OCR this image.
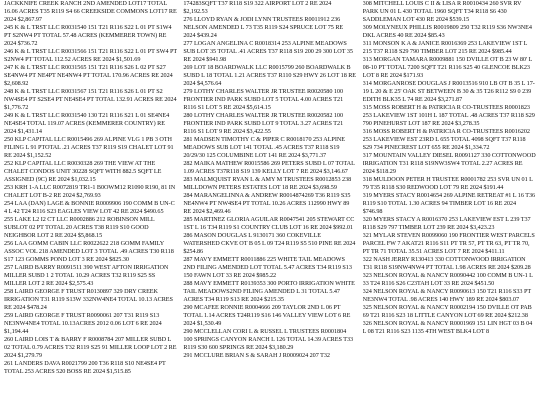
JACKKNIFE CREEK RANCH 2ND AMENDED LOT17 TOTAL 16.06 ACRES T35 R119 S4 66 CREEKSIDE COMMONS LOT17 RE 2024 $2,867.97

245 K & L TRST LLC R0031540 151 T21 R116 S22 L 01 PT S1W4 PT S2NW4 PT TOTAL 57.48 ACRES (KEMMERER TOWN) RE 2024 $736.72

246 K & L TRST LLC R0031566 151 T21 R116 S22 L 01 PT SW4 PT S2NW4 PT TOTAL 112.52 ACRES RE 2024 $1,501.69

247 K & L TRST LLC R0031565 151 T21 R116 S26 L 02 PT S27 SE4NW4 PT NE4PT NE4NW4 PT TOTAL 170.96 ACRES RE 2024 $2,608.92

248 K & L TRST LLC R0031567 151 T21 R116 S26 L 01 PT S2 NW4SE4 PT S2SE4 PT NE4SE4 PT TOTAL 132.91 ACRES RE 2024 $1,776.72

249 K & L TRST LLC R0031540 130 T21 R116 S21 L 01 SE4NE4 NE4SE4 TOTAL 119.07 ACRES (KEMMERER COUNTRY) RE 2024 $1,431.14

250 KLP CAPITAL LLC R0015496 269 ALPINE VLG 1 PB 3 OTH FILING L 91 PTOTAL .21 ACRES T37 R119 S19 CHALET LOT 91 RE 2024 $1,152.52

252 KLP CAPITAL LLC R0030328 269 THE VIEW AT THE CHALET CONDOS UNIT 30228 SQFT WITH 882.5 SQFT LE ASSIGNED (9C) RE 2024 $1,032.15

253 KRH 1-A LLC R0072819 TR1-1 B0OWM12 R1090 R190, 81 IN CHALET LOT B-2 RE 2024 $2,769.93

254 LAA (DAN) LAGE & BONNIE R0009906 190 COMM B UN-C 4 L 42 T24 R116 S23 EAGLES VIEW LOT 42 RE 2024 $490.65

255 LAKE L2 I2 CT LLC R0002886 212 ROBINSON MILL SUBLOT 02 PT TOTAL 20 ACRES T38 R119 S10 GOOD NEIGHBOR LOT 2 RE 2024 $5,868.15

256 LAA GOMM CABIN LLC R0022622 218 GOMM FAMILY ASSOC VOL 218 AMENDED LOT 3 TOTAL .49 ACRES T30 R118 S17 123 GOMMS POND LOT 3 RE 2024 $825.30

257 LAIRD BARRY R0091511 390 WEST AFTON IRRIGATION MILLER SUBD 1 2 TOTAL 10.29 ACRES T32 R119 S25 SS MILLER LOT 2 RE 2024 $2,575.43

258 LAIRD GEORGE F TRUST R0130897 329 DRY CREEK IRRIGATION T31 R119 S13W 332NW4NE4 TOTAL 10.13 ACRES RE 2024 $478.24

259 LAIRD GEORGE F TRUST R0090061 207 T31 R119 S13 NE3NW4NE4 TOTAL 10.13ACRES 2012 0.06 LOT 6 RE 2024 $1,194.44

260 LAIRD LOIS T & BARRY F R0008784 207 MILLER SUBD L 02 TOTAL 0.79 ACRES T32 R119 S25 91 MILLER LOOP LOT 2 RE 2024 $1,279.79

261 LANDERS DAVA R0021799 200 T36 R118 S10 NE4SE4 PT TOTAL 253 ACRES 520 BOSS RE 2024 $1,515.85

174283SQFT T37 R118 S19 322 AIRPORT LOT 2 RE 2024 $2,192.53

276 LLOYD RYAN & JODI LYNN TRUSTEES R0011912 236 NELSON AMENDED L 73 T35 R119 S24 SPRUCE LOT 75 RE 2024 $439.24

277 LOGAN ANGELINA C R0018314 253 ALPINE MEADOWS SUB LOT 35 TOTAL .41 ACRES T37 R118 S19 200 29 300 LOT 35 RE 2024 $941.98

269 LOT 18 BOARDWALK LLC R0015799 260 BOARDWALK B SUBD L 18 TOTAL 1.21 ACRES T37 R110 S29 HWY 26 LOT 18 RE 2024 $4,576.64

279 LOTHY CHARLES WALTER JR TRUSTEE R0020580 100 FRONTIER IND PARK SUBD LOT 5 TOTAL 4.00 ACRES T21 R116 S1 LOT 5 RE 2024 $5,614.15

280 LOTHY CHARLES WALTER JR TRUSTEE R0020582 100 FRONTIER IND PARK SUBD LOT 9 TOTAL 3.27 ACRES T21 R116 S1 LOT 9 RE 2024 $3,422.55

281 MADSEN TIMOTHY C & PIPER C R0018170 253 ALPINE MEADOWS SUB LOT 141 TOTAL .45 ACRES T37 R118 S19 20/29/30 125 COLUMBINE LOT 141 RE 2024 $3,771.37

282 MAIKA MATHEW R0015586 269 PETERS SUBD L 07 TOTAL 1.09 ACRES T37R118 S19 139 KELLY LOT 7 RE 2024 $3,146.67

283 MALMQUIST RYAN L & AMY M TRUSTEES R0012853 238 MILLDOWN PETERS ESTATES LOT 18 RE 2024 $3,698.59

284 MARANGELINNA & ANDREW R0014874269 T36 R119 S35 NE4NW4 PT NW4SE4 PT TOTAL 10.26 ACRES 112990 HWY 89 RE 2024 $2,469.46

285 MARTINEZ GLORIA AGUILAR R0047541 205 STEWART CC 1ST L 16 T34 R119 S1 COUNTRY CLUB LOT 16 RE 2024 $992.01

286 MASON DOUGLAS L 9130171 360 COKEVILLE WATERSHED CKVE OT B 05 L 09 T24 R119 S5 510 PINE RE 2024 $254.86

287 MAVY EMMETT R0011886 225 WHITE TAIL MEADOWS 2ND FILING AMENDED LOT TOTAL 5.47 ACRES T34 R119 S13 150 FAWN LOT 33 RE 2024 $985.22

288 MAVY EMMETT R0139353 300 PORTO IRRIGATION WHITE TAIL MEADOWS2ND FILING AMENDED L 31 TOTAL 5.47 ACRES T34 R119 S13 RE 2024 $215.35

290 MCAFEE RONNIE R0004666 209 TAYLOR 2ND L 06 PT TOTAL 1.14 ACRES T24R119 S16 146 VALLEY VIEW LOT 6 RE 2024 $1,530.49

290 MCCLELLAN CORI L & RUSSEL L TRUSTEES R0001804 100 SPRINGS CANYON RANCH L 126 TOTAL 14.39 ACRES T33 R119 S30 600 SPRINGS RE 2024 $3,180.29

291 MCCLURE BRIAN S & SARAH J R0009024 207 T32

308 MITCHELL LOUIS C II & LISA R R0010434 260 SVR RV PARK UN 01 L 430 TOTAL 1960 SQFT T34 R118 S6 430 SADDLEMAN LOT 430 RE 2024 $539.15

309 MOLYNEUX PHILLIS R0019809 250 T32 R119 S36 NW3NE4 DKL ACRES 40 RE 2024 $85.43

311 MONSON K A & JANICE R0016369 253 LAKEVIEW 1ST L 215 T37 R118 S29 790 TIMBER LOT 215 RE 2024 $985.44

313 MORGAN TAMARA R0009881 150 DVILLE OT B 23 W 80' L 08-10 PT TOTAL 7200 SQFT T21 R116 S25 40 GLENCOE BLK23 LOT 8 RE 2024 $171.93

314 MORGANROSE DOUGLAS J R0013516 910 LB OT B 35 L 17-19 L 20 & E 25' OAK ST BETWEEN B 30 & 35 T26 R112 S9 0 239 EDITH BLK35 L 74 RE 2024 $3,271.87

315 MOSS ROBERT H & PATRICIA R CO-TRUSTEES R0001823 253 LAKEVIEW 1ST 101H L 187 TOTAL .48 ACRES T37 R118 S29 790 PINEHURST LOT 187 RE 2024 $3,278.35

316 MOSS ROBERT H & PATRICIA R CO-TRUSTEES R0016202 253 LAKEVIEW EST 23RD L 655 TOTAL 4098 SQFT T37 R118 S29 734 PINECREST LOT 655 RE 2024 $1,334.72

317 MOUNTAIN VALLEY DIESEL R0091127 330 COTTONWOOD IRRIGATION T31 R118 S19NW3SW4 TOTAL 2.27 ACRES RE 2024 $118.29

318 MULDOON PETER H TRUSTEE R0001782 253 SVR UN 01 L 79 T35 R118 S30 REDWOOD LOT 79 RE 2024 $191.44

319 MYERS STACY R0014654 269 ALPINE RETREAT #1 L 16 T36 R119 S10 TOTAL 1.30 ACRES 94 TIMBER LOT 16 RE 2024 $746.98

320 MYERS STACY A R0016370 253 LAKEVIEW EST L 239 T37 R118 S29 797 TIMBER LOT 239 RE 2024 $3,423.23

321 MYLAR STEVEN R0099060 190 FRONTIER WEST PARCELS PARCEL FW 7 AKAT21 R116 S11 PT TR 57, PT TR 63, PT TR 70, PT TR 71 TOTAL 35.51 ACRES LOT 7 RE 2024 $411.11

322 NASH JERRY R130413 330 COTTONWOOD IRRIGATION T31 R118 S19NW4NW4 PT TOTAL 1.98 ACRES RE 2024 $209.28

323 NELSON ROYAL & NANCY R0090442 100 COMM B UN-1 L 33 T24 R116 S26 C23TAH LOT 33 RE 2024 $451.50

324 NELSON ROYAL & NANCY R0090613 150 T21 R116 S33 PT NE3NW4 TOTAL .98 ACRES 140 HWY 189 RE 2024 $803.07

325 NELSON ROYAL & NANCY R0002194 150 DVILLE OT PAB 69 T21 R116 S23 18 LITTLE CANYON LOT 69 RE 2024 $212.38

326 NELSON ROYAL & NANCY R0001969 151 LIN HGT 03 B 04 L 08 T21 R116 S23 1135 4TH WEST BLK4 LOT 8
